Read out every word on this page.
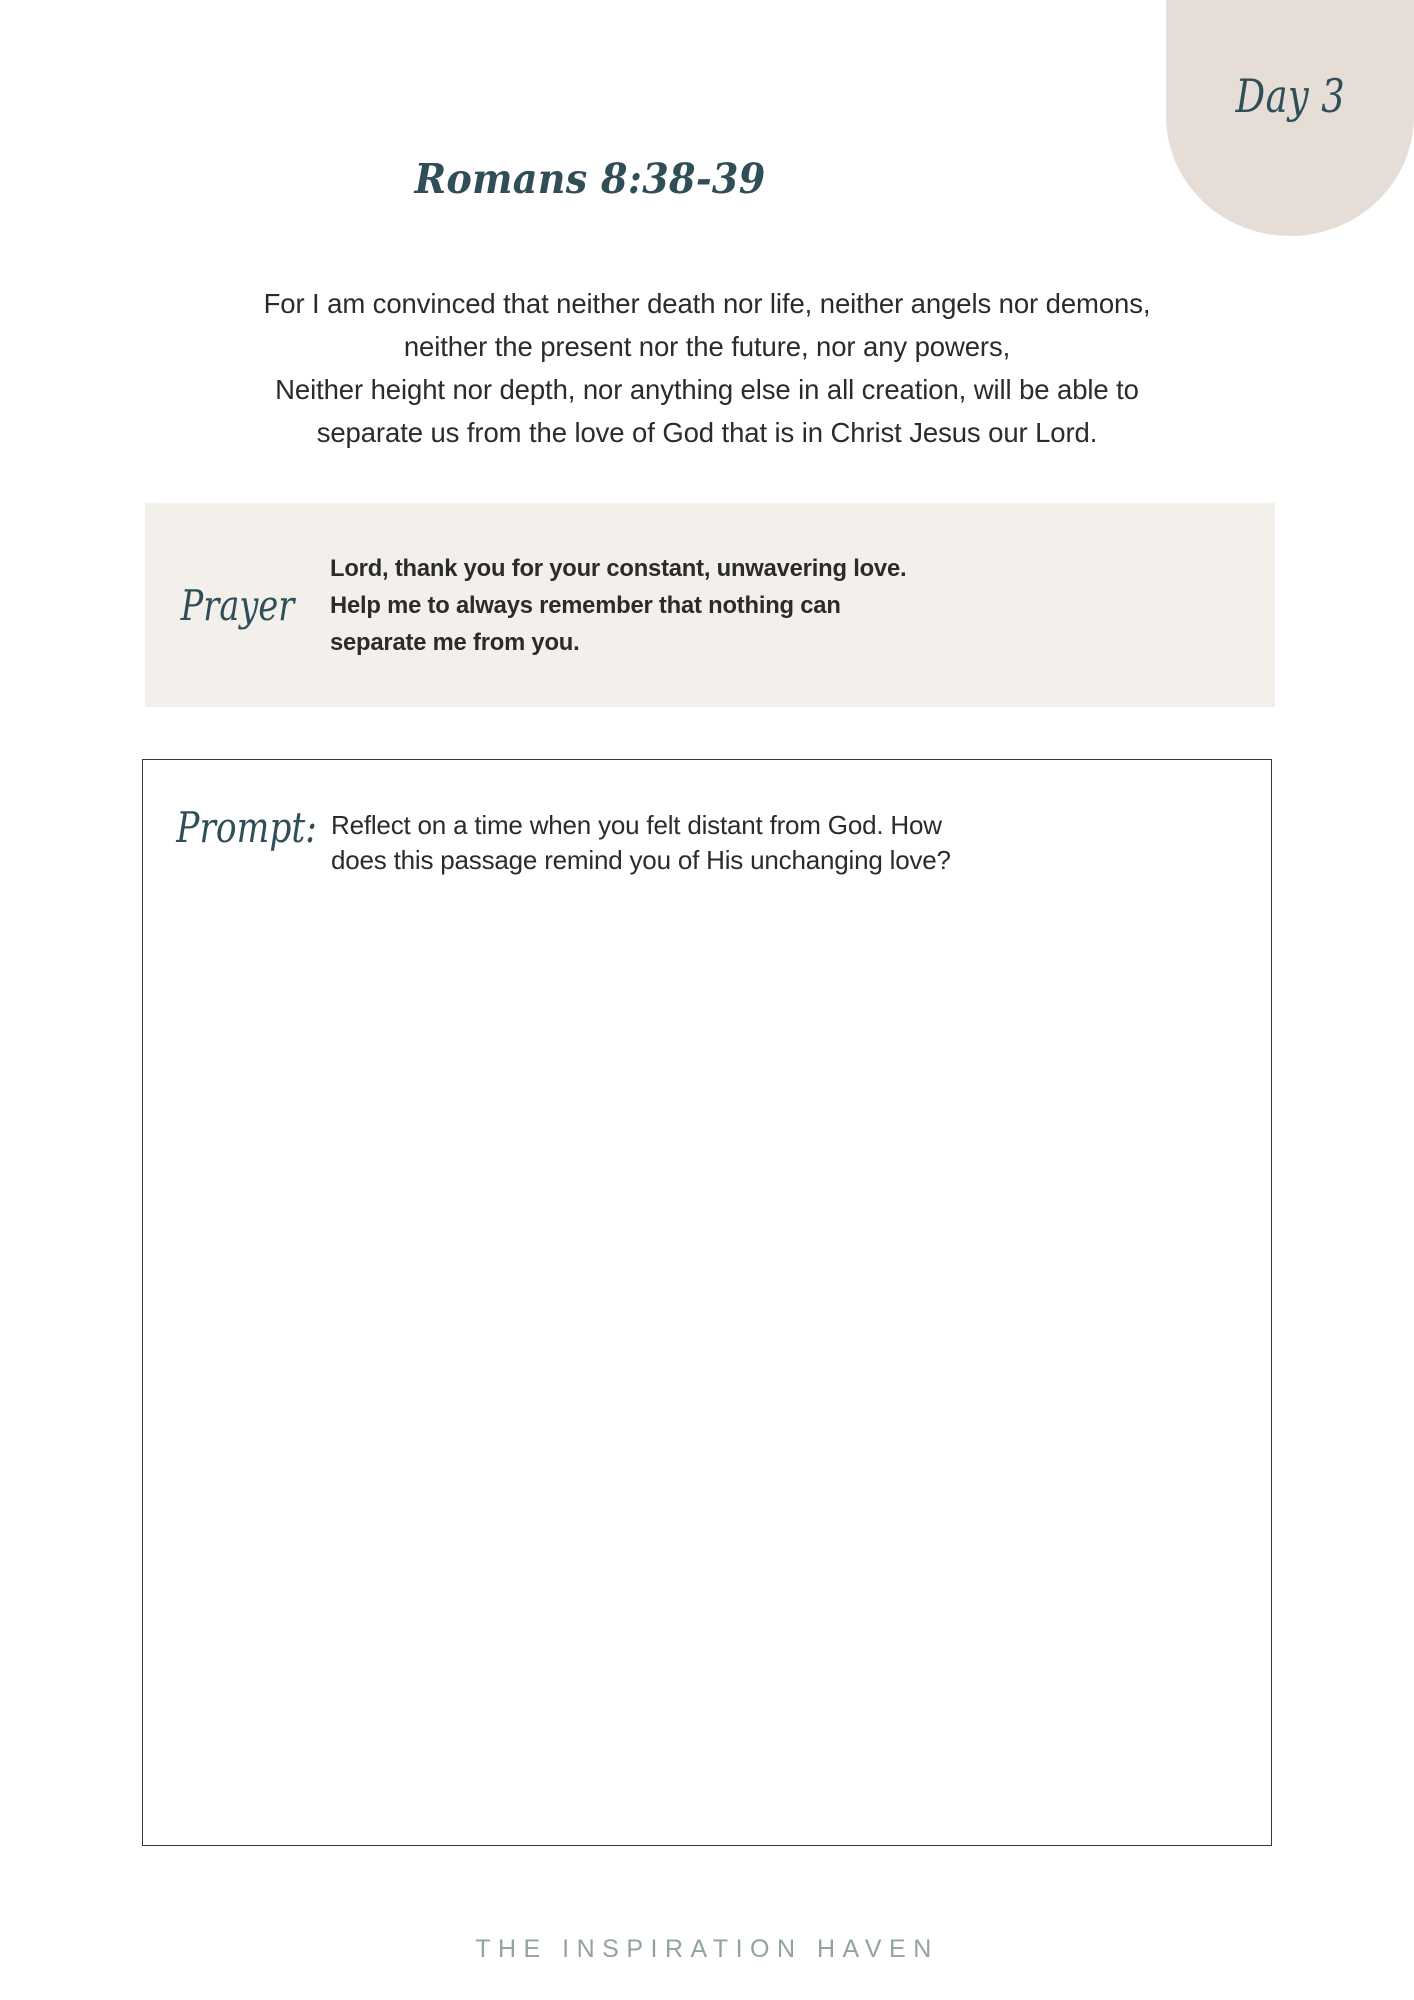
Day 3
Romans 8:38-39
For I am convinced that neither death nor life, neither angels nor demons,
neither the present nor the future, nor any powers,
Neither height nor depth, nor anything else in all creation, will be able to
separate us from the love of God that is in Christ Jesus our Lord.
Prayer
Lord, thank you for your constant, unwavering love.
Help me to always remember that nothing can
separate me from you.
Prompt: Reflect on a time when you felt distant from God. How
does this passage remind you of His unchanging love?
THE INSPIRATION HAVEN
